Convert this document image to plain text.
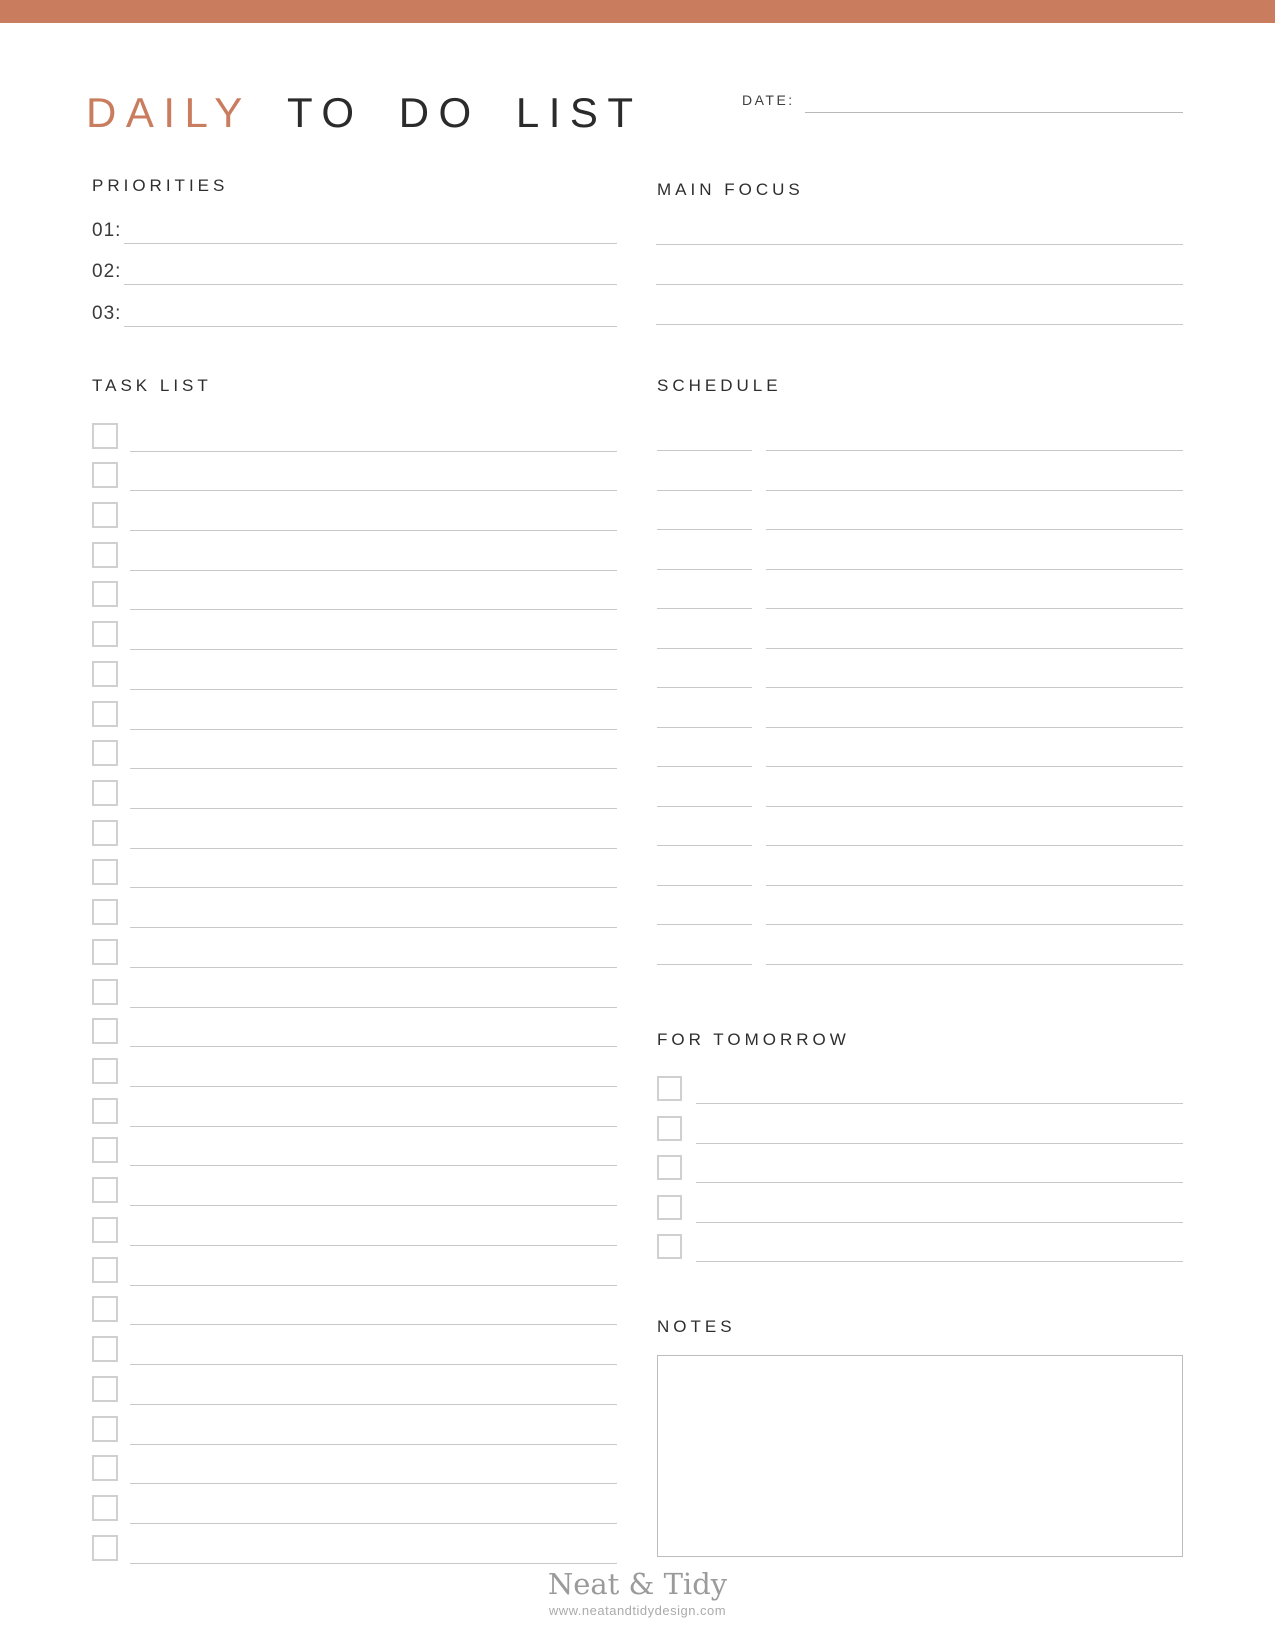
DAILY TO DO LIST	DATE:
PRIORITIES
01:
02:
03:
MAIN FOCUS
TASK LIST	SCHEDULE
FOR TOMORROW
NOTES
Neat & Tidy
www.neatandtidydesign.com
